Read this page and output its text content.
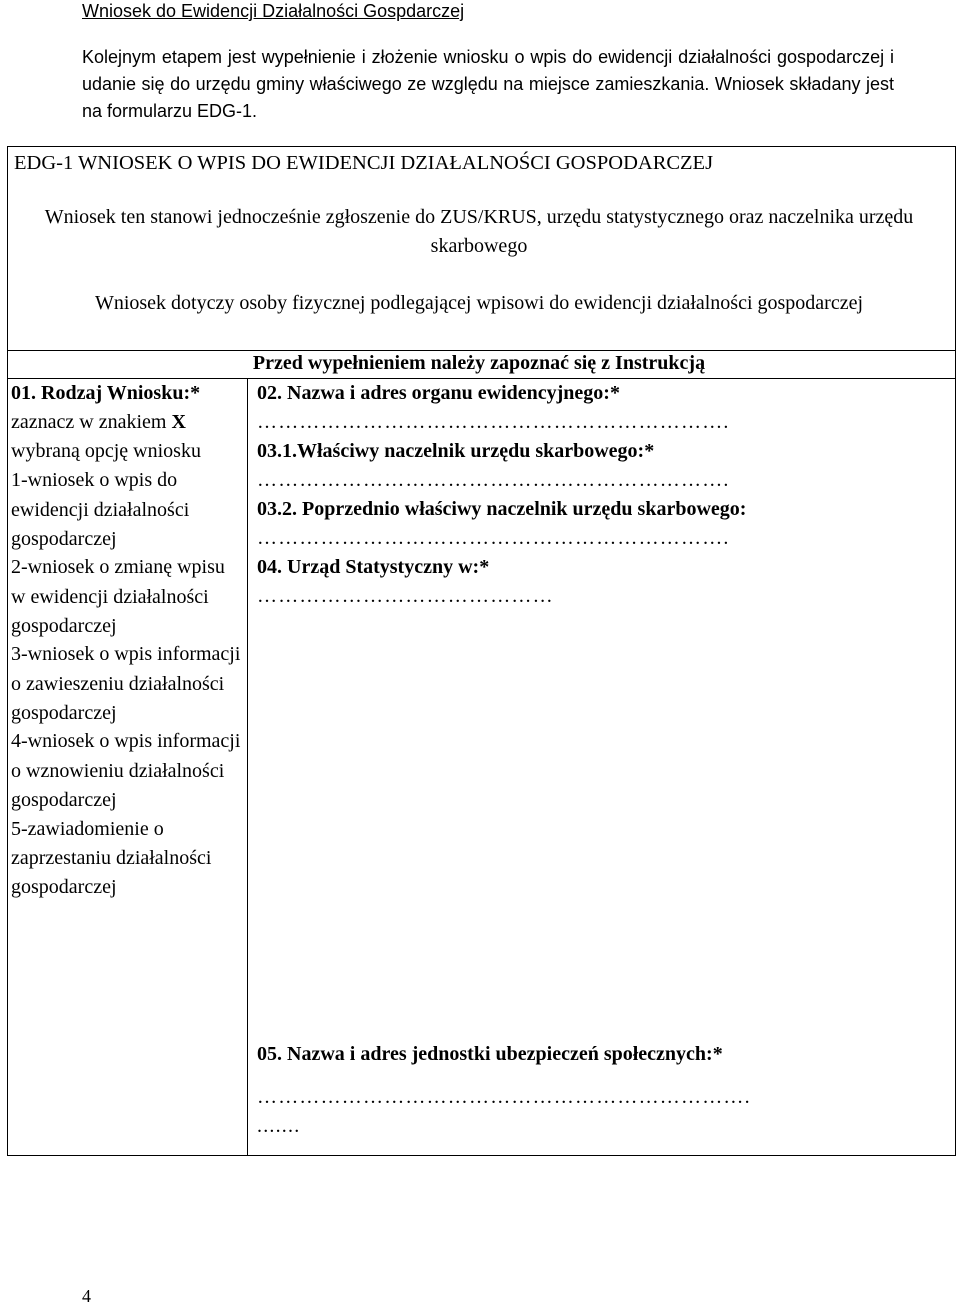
Wniosek do Ewidencji Działalności Gospdarczej
Kolejnym etapem jest wypełnienie i złożenie wniosku o wpis do ewidencji działalności gospodarczej i udanie się do urzędu gminy właściwego ze względu na miejsce zamieszkania. Wniosek składany jest na formularzu EDG-1.
EDG-1 WNIOSEK O WPIS DO EWIDENCJI DZIAŁALNOŚCI GOSPODARCZEJ
Wniosek ten stanowi jednocześnie zgłoszenie do ZUS/KRUS, urzędu statystycznego oraz naczelnika urzędu skarbowego
Wniosek dotyczy osoby fizycznej podlegającej wpisowi do ewidencji działalności gospodarczej
Przed wypełnieniem należy zapoznać się z Instrukcją
01. Rodzaj Wniosku:* zaznacz w znakiem X wybraną opcję wniosku
1-wniosek o wpis do ewidencji działalności gospodarczej
2-wniosek o zmianę wpisu w ewidencji działalności gospodarczej
3-wniosek o wpis informacji o zawieszeniu działalności gospodarczej
4-wniosek o wpis informacji o wznowieniu działalności gospodarczej
5-zawiadomienie o zaprzestaniu działalności gospodarczej
02. Nazwa i adres organu ewidencyjnego:*
………………………………………………………….
03.1.Właściwy naczelnik urzędu skarbowego:*
………………………………………………………….
03.2. Poprzednio właściwy naczelnik urzędu skarbowego:
………………………………………………………….
04. Urząd Statystyczny w:*
……………………………………
05. Nazwa i adres jednostki ubezpieczeń społecznych:*
…………………………………………………………….
.......
4
